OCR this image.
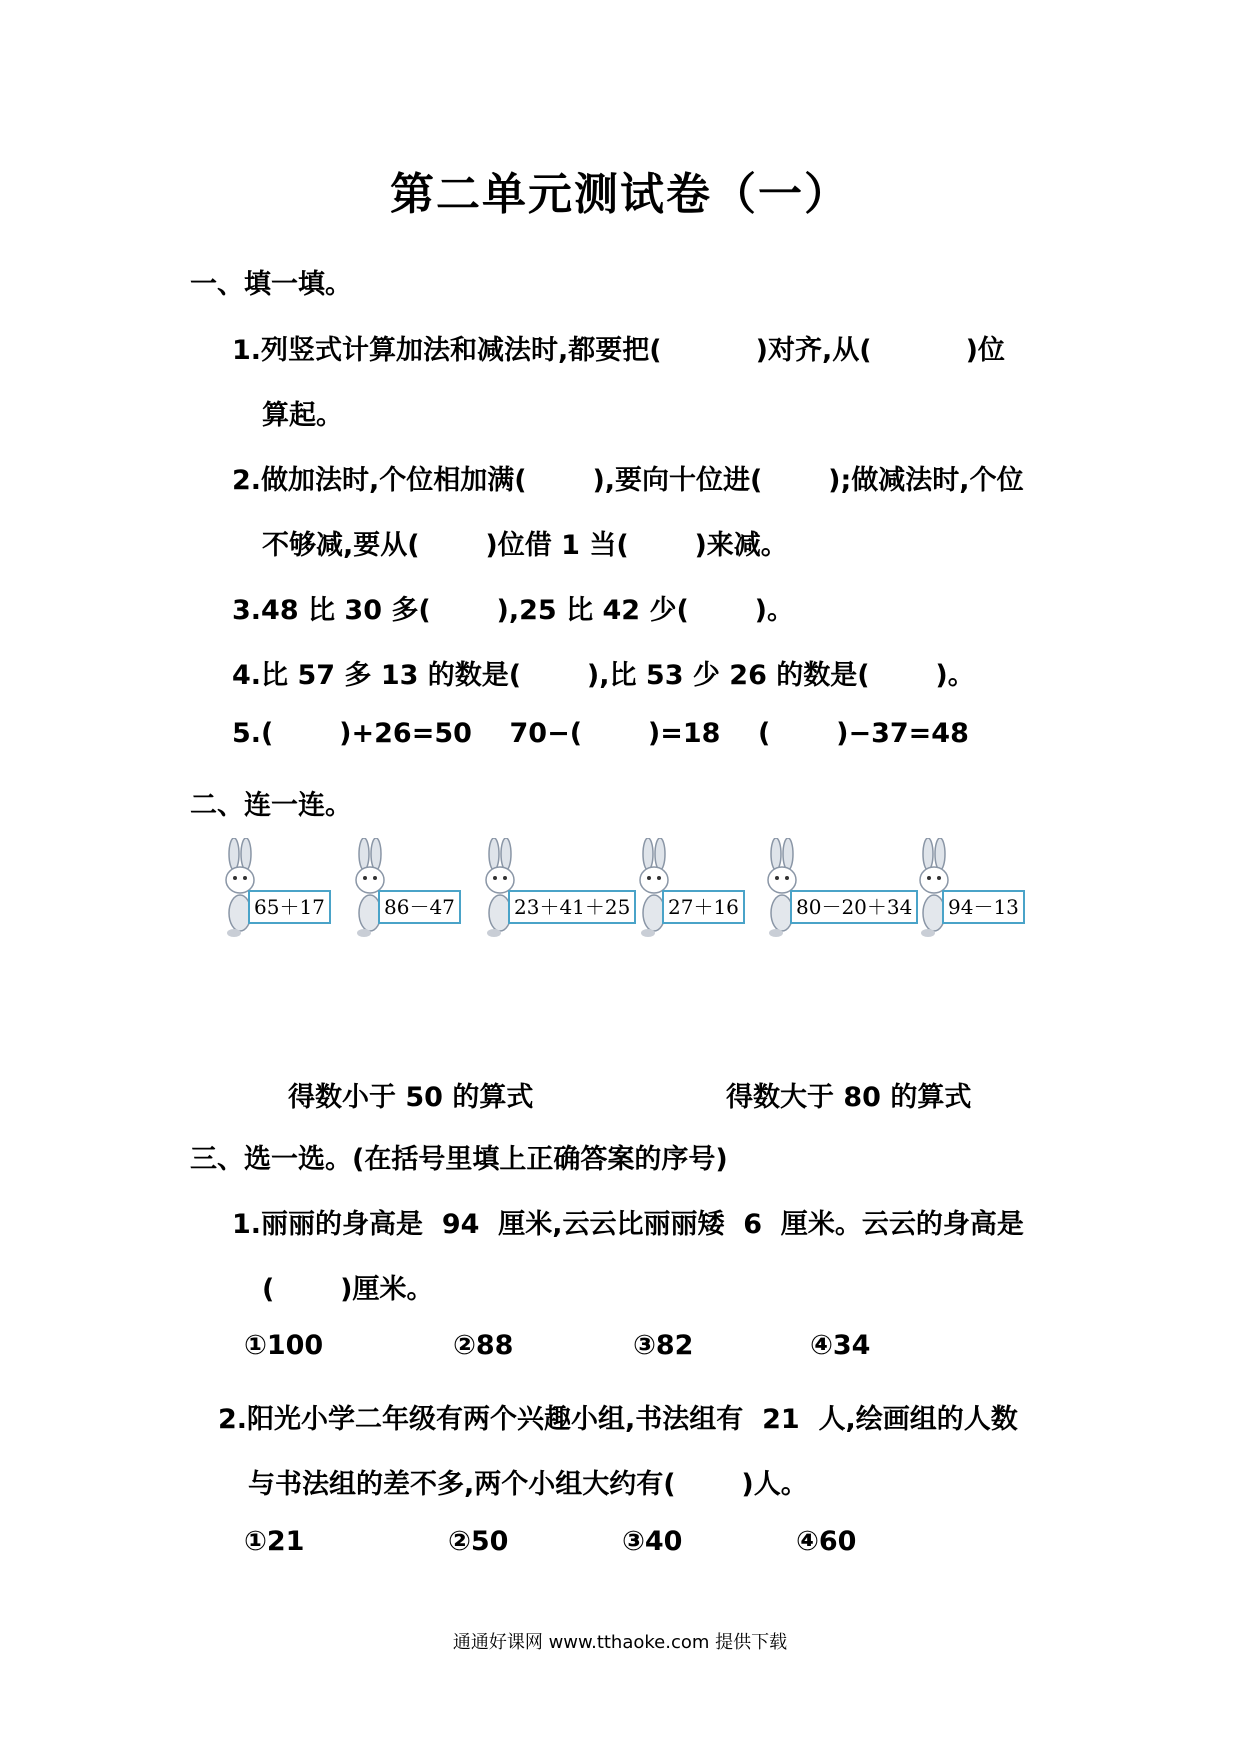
第二单元测试卷（一）
一、填一填。
1.列竖式计算加法和减法时,都要把(          )对齐,从(          )位
算起。
2.做加法时,个位相加满(       ),要向十位进(       );做减法时,个位
不够减,要从(       )位借 1 当(       )来减。
3.48 比 30 多(       ),25 比 42 少(       )。
4.比 57 多 13 的数是(       ),比 53 少 26 的数是(       )。
5.(       )+26=50    70−(       )=18    (       )−37=48
二、连一连。
65＋17	86－47	23＋41＋25	27＋16	80－20＋34	94－13
得数小于 50 的算式	得数大于 80 的算式
三、选一选。(在括号里填上正确答案的序号)
1.丽丽的身高是  94  厘米,云云比丽丽矮  6  厘米。云云的身高是
(       )厘米。
①100	②88	③82	④34
2.阳光小学二年级有两个兴趣小组,书法组有  21  人,绘画组的人数
与书法组的差不多,两个小组大约有(       )人。
①21	②50	③40	④60
通通好课网 www.tthaoke.com 提供下载
